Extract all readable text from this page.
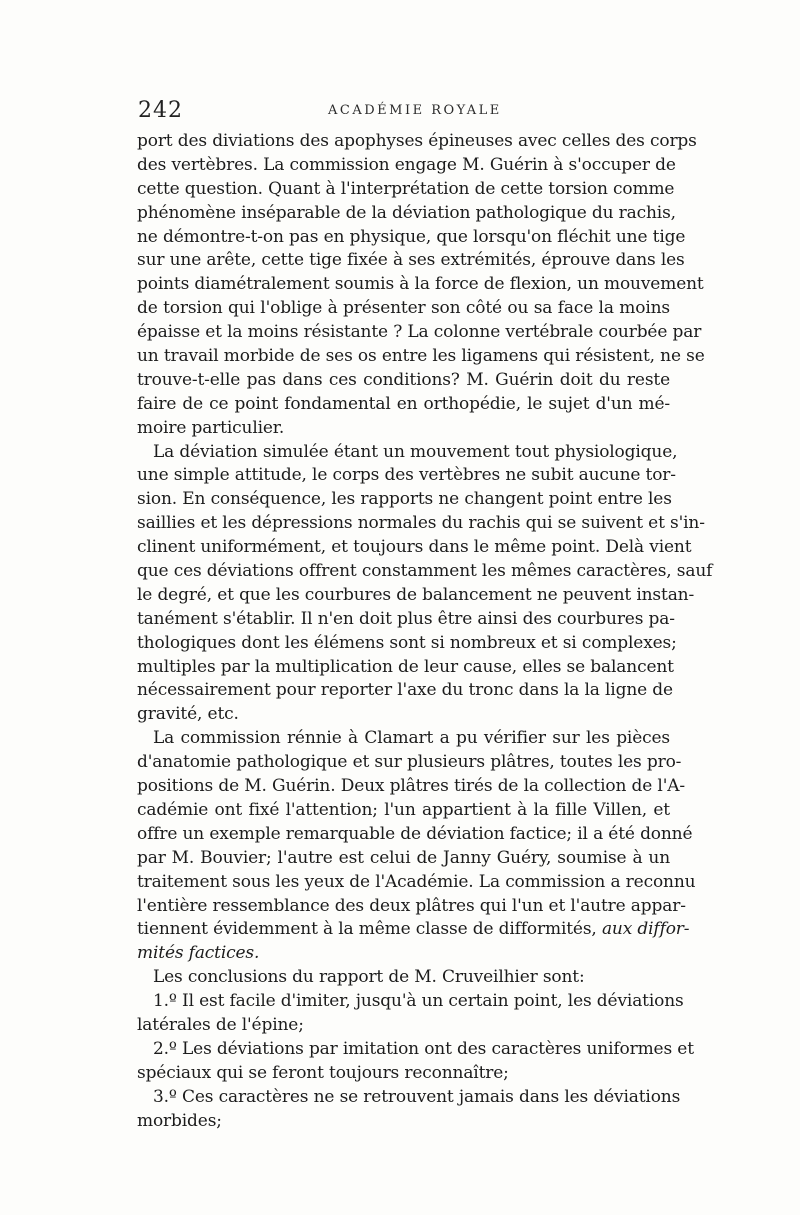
242	ACADÉMIE ROYALE
port des diviations des apophyses épineuses avec celles des corps
des vertèbres. La commission engage M. Guérin à s'occuper de
cette question. Quant à l'interprétation de cette torsion comme
phénomène inséparable de la déviation pathologique du rachis,
ne démontre-t-on pas en physique, que lorsqu'on fléchit une tige
sur une arête, cette tige fixée à ses extrémités, éprouve dans les
points diamétralement soumis à la force de flexion, un mouvement
de torsion qui l'oblige à présenter son côté ou sa face la moins
épaisse et la moins résistante ? La colonne vertébrale courbée par
un travail morbide de ses os entre les ligamens qui résistent, ne se
trouve-t-elle pas dans ces conditions? M. Guérin doit du reste
faire de ce point fondamental en orthopédie, le sujet d'un mé-
moire particulier.
La déviation simulée étant un mouvement tout physiologique,
une simple attitude, le corps des vertèbres ne subit aucune tor-
sion. En conséquence, les rapports ne changent point entre les
saillies et les dépressions normales du rachis qui se suivent et s'in-
clinent uniformément, et toujours dans le même point. Delà vient
que ces déviations offrent constamment les mêmes caractères, sauf
le degré, et que les courbures de balancement ne peuvent instan-
tanément s'établir. Il n'en doit plus être ainsi des courbures pa-
thologiques dont les élémens sont si nombreux et si complexes;
multiples par la multiplication de leur cause, elles se balancent
nécessairement pour reporter l'axe du tronc dans la la ligne de
gravité, etc.
La commission rénnie à Clamart a pu vérifier sur les pièces
d'anatomie pathologique et sur plusieurs plâtres, toutes les pro-
positions de M. Guérin. Deux plâtres tirés de la collection de l'A-
cadémie ont fixé l'attention; l'un appartient à la fille Villen, et
offre un exemple remarquable de déviation factice; il a été donné
par M. Bouvier; l'autre est celui de Janny Guéry, soumise à un
traitement sous les yeux de l'Académie. La commission a reconnu
l'entière ressemblance des deux plâtres qui l'un et l'autre appar-
tiennent évidemment à la même classe de difformités, aux diffor-
mités factices.
Les conclusions du rapport de M. Cruveilhier sont:
1.º Il est facile d'imiter, jusqu'à un certain point, les déviations
latérales de l'épine;
2.º Les déviations par imitation ont des caractères uniformes et
spéciaux qui se feront toujours reconnaître;
3.º Ces caractères ne se retrouvent jamais dans les déviations
morbides;
